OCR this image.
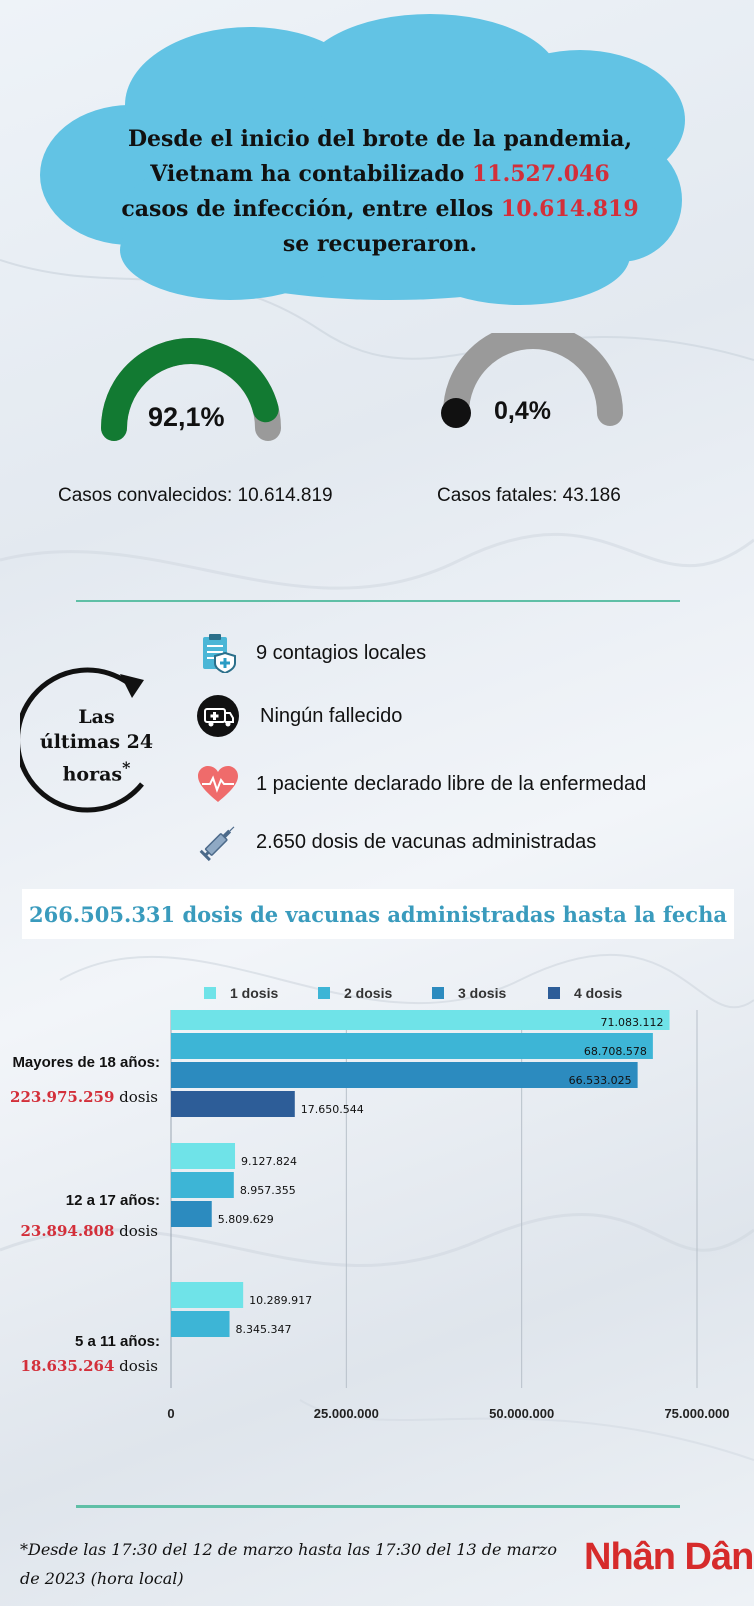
Desde el inicio del brote de la pandemia,
Vietnam ha contabilizado 11.527.046
casos de infección, entre ellos 10.614.819
se recuperaron.
92,1%
Casos convalecidos: 10.614.819
0,4%
Casos fatales: 43.186
Las
últimas 24
horas*
9 contagios locales
Ningún fallecido
1 paciente declarado libre de la enfermedad
2.650 dosis de vacunas administradas
266.505.331 dosis de vacunas administradas hasta la fecha
1 dosis	2 dosis	3 dosis	4 dosis
0	25.000.000	50.000.000	75.000.000
71.083.112
68.708.578
66.533.025
17.650.544
9.127.824
8.957.355
5.809.629
10.289.917
8.345.347
Mayores de 18 años:
223.975.259 dosis
12 a 17 años:
23.894.808 dosis
5 a 11 años:
18.635.264 dosis
*Desde las 17:30 del 12 de marzo hasta las 17:30 del 13 de marzo de 2023 (hora local)
Nhân Dân
